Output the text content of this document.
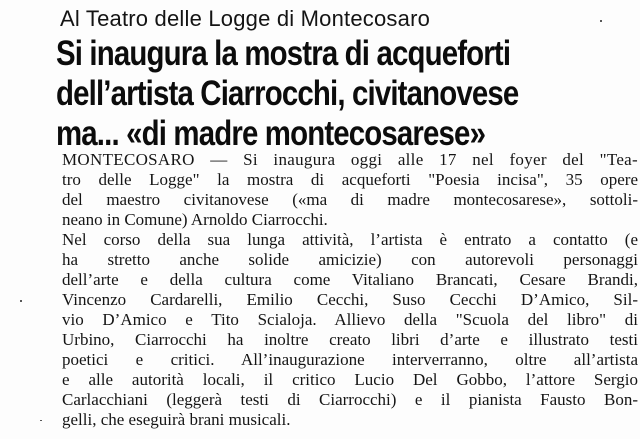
Al Teatro delle Logge di Montecosaro
Si inaugura la mostra di acqueforti
dell’artista Ciarrocchi, civitanovese
ma... «di madre montecosarese»
MONTECOSARO — Si inaugura oggi alle 17 nel foyer del "Tea-
tro delle Logge" la mostra di acqueforti "Poesia incisa", 35 opere
del maestro civitanovese («ma di madre montecosarese», sottoli-
neano in Comune) Arnoldo Ciarrocchi.
Nel corso della sua lunga attività, l’artista è entrato a contatto (e
ha stretto anche solide amicizie) con autorevoli personaggi
dell’arte e della cultura come Vitaliano Brancati, Cesare Brandi,
Vincenzo Cardarelli, Emilio Cecchi, Suso Cecchi D’Amico, Sil-
vio D’Amico e Tito Scialoja. Allievo della "Scuola del libro" di
Urbino, Ciarrocchi ha inoltre creato libri d’arte e illustrato testi
poetici e critici. All’inaugurazione interverranno, oltre all’artista
e alle autorità locali, il critico Lucio Del Gobbo, l’attore Sergio
Carlacchiani (leggerà testi di Ciarrocchi) e il pianista Fausto Bon-
gelli, che eseguirà brani musicali.
